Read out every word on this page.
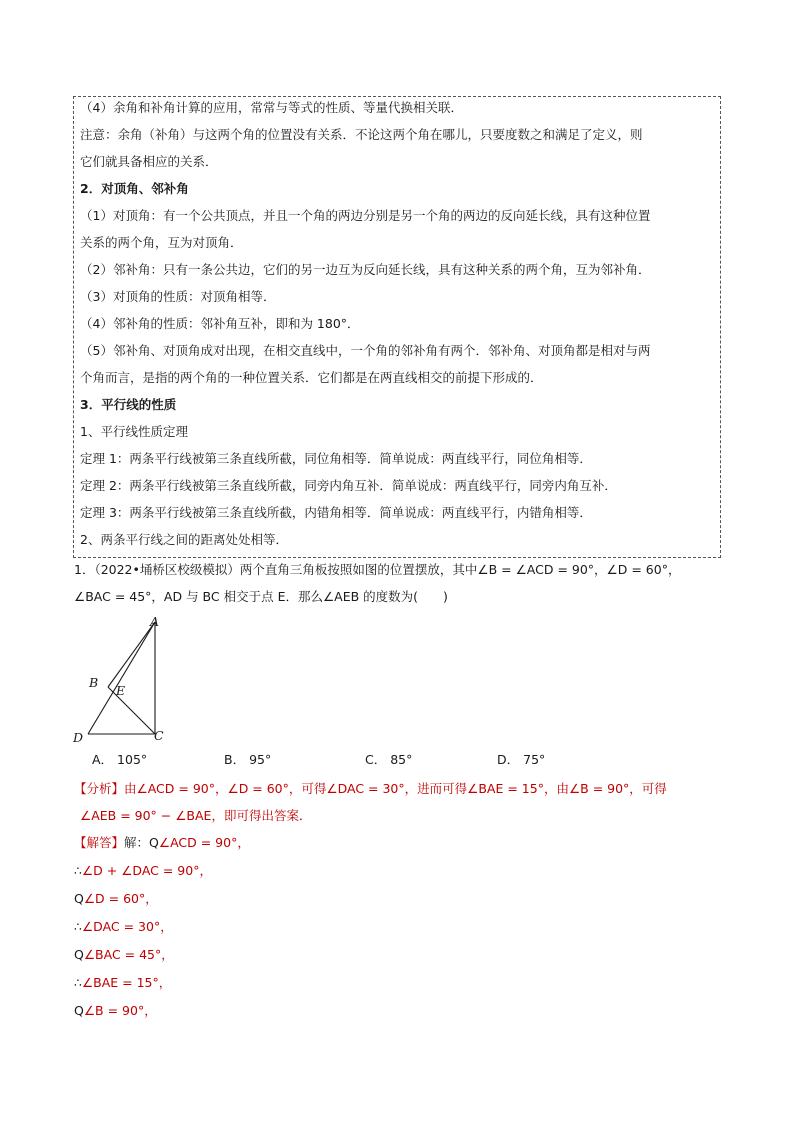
（4）余角和补角计算的应用，常常与等式的性质、等量代换相关联．
注意：余角（补角）与这两个角的位置没有关系．不论这两个角在哪儿，只要度数之和满足了定义，则
它们就具备相应的关系．
2．对顶角、邻补角
（1）对顶角：有一个公共顶点，并且一个角的两边分别是另一个角的两边的反向延长线，具有这种位置
关系的两个角，互为对顶角．
（2）邻补角：只有一条公共边，它们的另一边互为反向延长线，具有这种关系的两个角，互为邻补角．
（3）对顶角的性质：对顶角相等．
（4）邻补角的性质：邻补角互补，即和为 180°．
（5）邻补角、对顶角成对出现，在相交直线中，一个角的邻补角有两个．邻补角、对顶角都是相对与两
个角而言，是指的两个角的一种位置关系．它们都是在两直线相交的前提下形成的．
3．平行线的性质
1、平行线性质定理
定理 1：两条平行线被第三条直线所截，同位角相等．简单说成：两直线平行，同位角相等．
定理 2：两条平行线被第三条直线所截，同旁内角互补．简单说成：两直线平行，同旁内角互补．
定理 3：两条平行线被第三条直线所截，内错角相等．简单说成：两直线平行，内错角相等．
2、两条平行线之间的距离处处相等．
1．（2022•埇桥区校级模拟）两个直角三角板按照如图的位置摆放，其中∠B = ∠ACD = 90°，∠D = 60°，
∠BAC = 45°，AD 与 BC 相交于点 E．那么∠AEB 的度数为(　　)
A
B
E
D	C
A． 105°	B． 95°	C． 85°	D． 75°
【分析】由∠ACD = 90°，∠D = 60°，可得∠DAC = 30°，进而可得∠BAE = 15°，由∠B = 90°，可得
∠AEB = 90° − ∠BAE，即可得出答案．
【解答】解：Q∠ACD = 90°，
∴∠D + ∠DAC = 90°，
Q∠D = 60°，
∴∠DAC = 30°，
Q∠BAC = 45°，
∴∠BAE = 15°，
Q∠B = 90°，
